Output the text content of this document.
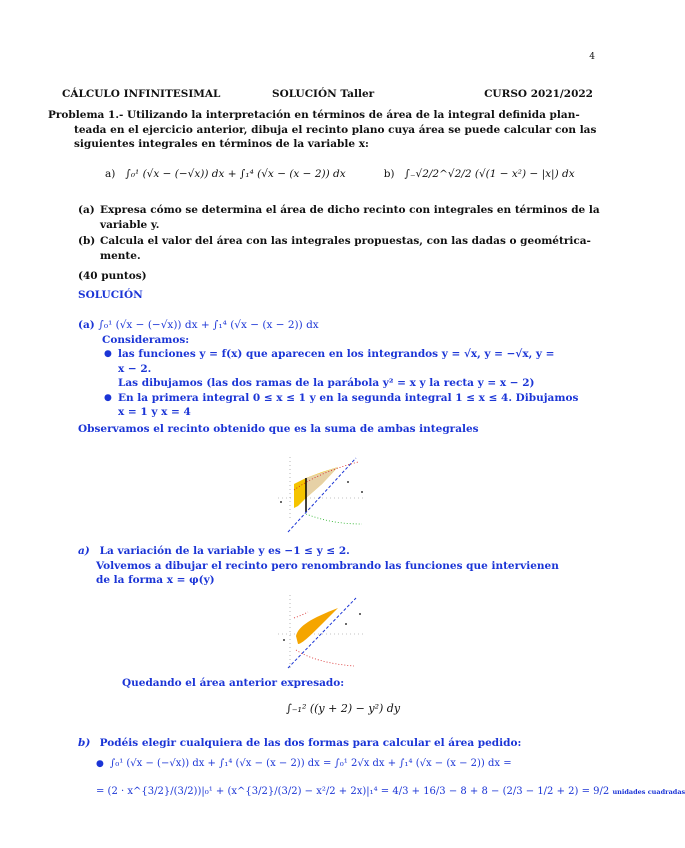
4
CÁLCULO INFINITESIMAL	SOLUCIÓN Taller	CURSO 2021/2022
Problema 1.- Utilizando la interpretación en términos de área de la integral definida plan-
teada en el ejercicio anterior, dibuja el recinto plano cuya área se puede calcular con las
siguientes integrales en términos de la variable x:
a) ∫₀¹ (√x − (−√x)) dx + ∫₁⁴ (√x − (x − 2)) dx	b) ∫₋√2/2^√2/2 (√(1 − x²) − |x|) dx
(a) Expresa cómo se determina el área de dicho recinto con integrales en términos de la variable y.
(b) Calcula el valor del área con las integrales propuestas, con las dadas o geométrica-mente.
(40 puntos)
SOLUCIÓN
(a) ∫₀¹ (√x − (−√x)) dx + ∫₁⁴ (√x − (x − 2)) dx
Consideramos:
● las funciones y = f(x) que aparecen en los integrandos y = √x, y = −√x, y =
x − 2.
Las dibujamos (las dos ramas de la parábola y² = x y la recta y = x − 2)
● En la primera integral 0 ≤ x ≤ 1 y en la segunda integral 1 ≤ x ≤ 4. Dibujamos
x = 1 y x = 4
Observamos el recinto obtenido que es la suma de ambas integrales
a) La variación de la variable y es −1 ≤ y ≤ 2.
Volvemos a dibujar el recinto pero renombrando las funciones que intervienen
de la forma x = φ(y)
Quedando el área anterior expresado:
∫₋₁² ((y + 2) − y²) dy
b) Podéis elegir cualquiera de las dos formas para calcular el área pedido:
● ∫₀¹ (√x − (−√x)) dx + ∫₁⁴ (√x − (x − 2)) dx = ∫₀¹ 2√x dx + ∫₁⁴ (√x − (x − 2)) dx =
= (2 · x^{3/2}/(3/2))|₀¹ + (x^{3/2}/(3/2) − x²/2 + 2x)|₁⁴ = 4/3 + 16/3 − 8 + 8 − (2/3 − 1/2 + 2) = 9/2 unidades cuadradas
